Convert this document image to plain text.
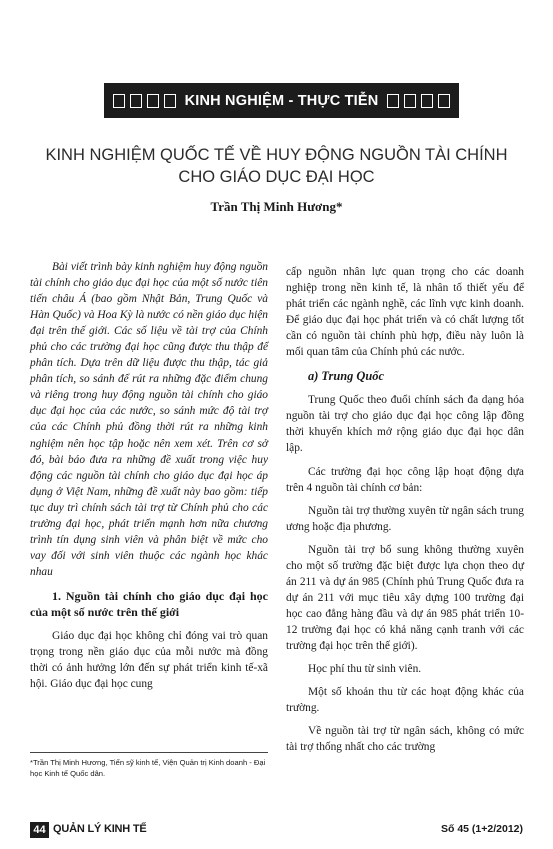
KINH NGHIỆM - THỰC TIỄN
KINH NGHIỆM QUỐC TẾ VỀ HUY ĐỘNG NGUỒN TÀI CHÍNH
CHO GIÁO DỤC ĐẠI HỌC
Trần Thị Minh Hương*

Bài viết trình bày kinh nghiệm huy động nguồn tài chính cho giáo dục đại học của một số nước tiên tiến châu Á (bao gồm Nhật Bản, Trung Quốc và Hàn Quốc) và Hoa Kỳ là nước có nền giáo dục hiện đại trên thế giới. Các số liệu về tài trợ của Chính phủ cho các trường đại học cũng được thu thập để phân tích. Dựa trên dữ liệu được thu thập, tác giả phân tích, so sánh để rút ra những đặc điểm chung và riêng trong huy động nguồn tài chính cho giáo dục đại học của các nước, so sánh mức độ tài trợ của các Chính phủ đồng thời rút ra những kinh nghiệm nên học tập hoặc nên xem xét. Trên cơ sở đó, bài báo đưa ra những đề xuất trong việc huy động các nguồn tài chính cho giáo dục đại học áp dụng ở Việt Nam, những đề xuất này bao gồm: tiếp tục duy trì chính sách tài trợ từ Chính phủ cho các trường đại học, phát triển mạnh hơn nữa chương trình tín dụng sinh viên và phân biệt về mức cho vay đối với sinh viên thuộc các ngành học khác nhau

1. Nguồn tài chính cho giáo dục đại học của một số nước trên thế giới

Giáo dục đại học không chỉ đóng vai trò quan trọng trong nền giáo dục của mỗi nước mà đồng thời có ảnh hưởng lớn đến sự phát triển kinh tế-xã hội. Giáo dục đại học cung

*Trần Thị Minh Hương, Tiến sỹ kinh tế, Viện Quản trị Kinh doanh - Đại học Kinh tế Quốc dân.

cấp nguồn nhân lực quan trọng cho các doanh nghiệp trong nền kinh tế, là nhân tố thiết yếu để phát triển các ngành nghề, các lĩnh vực kinh doanh. Để giáo dục đại học phát triển và có chất lượng tốt cần có nguồn tài chính phù hợp, điều này luôn là mối quan tâm của Chính phủ các nước.

a) Trung Quốc

Trung Quốc theo đuổi chính sách đa dạng hóa nguồn tài trợ cho giáo dục đại học công lập đồng thời khuyến khích mở rộng giáo dục đại học dân lập.

Các trường đại học công lập hoạt động dựa trên 4 nguồn tài chính cơ bản:

Nguồn tài trợ thường xuyên từ ngân sách trung ương hoặc địa phương.

Nguồn tài trợ bổ sung không thường xuyên cho một số trường đặc biệt được lựa chọn theo dự án 211 và dự án 985 (Chính phủ Trung Quốc đưa ra dự án 211 với mục tiêu xây dựng 100 trường đại học cao đẳng hàng đầu và dự án 985 phát triển 10-12 trường đại học có khả năng cạnh tranh với các trường đại học trên thế giới).

Học phí thu từ sinh viên.

Một số khoản thu từ các hoạt động khác của trường.

Về nguồn tài trợ từ ngân sách, không có mức tài trợ thống nhất cho các trường

44 QUẢN LÝ KINH TẾ	Số 45 (1+2/2012)
